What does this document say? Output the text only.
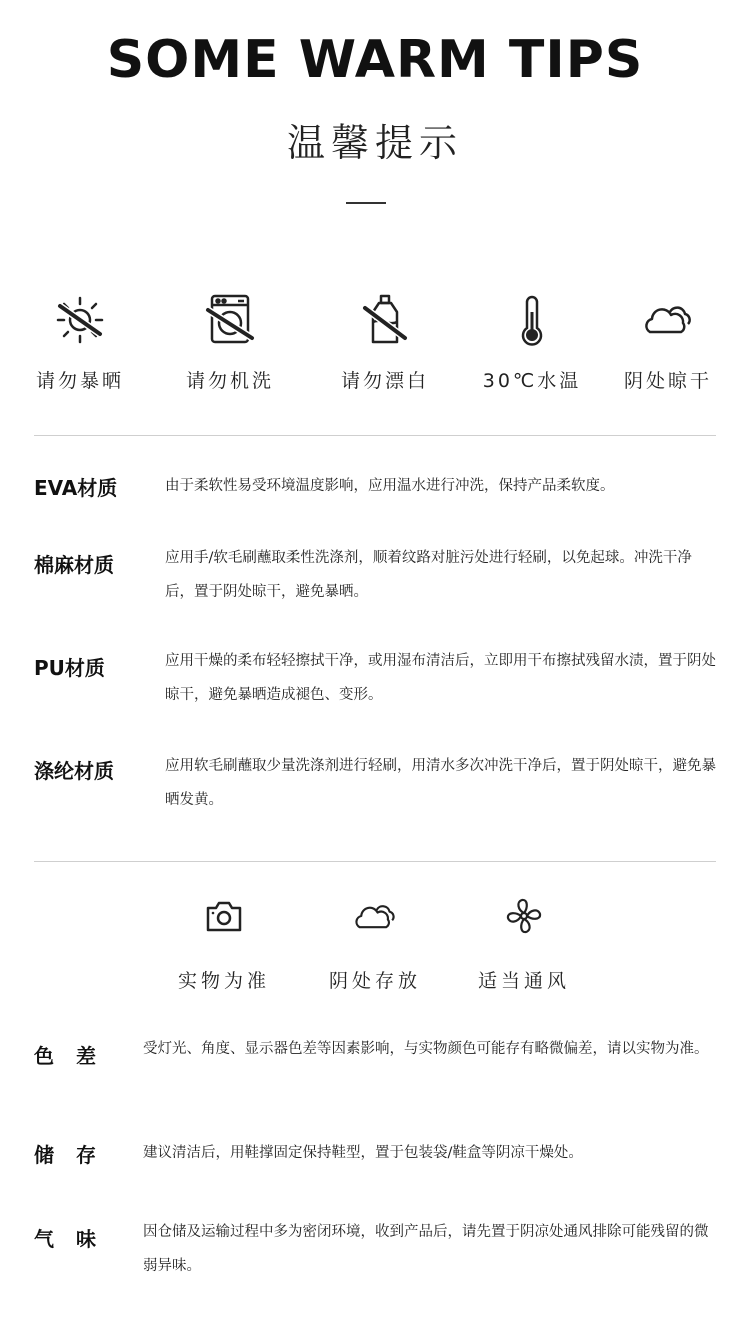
SOME WARM TIPS
温馨提示
请勿暴晒	请勿机洗	请勿漂白	30℃水温	阴处晾干
EVA材质	由于柔软性易受环境温度影响，应用温水进行冲洗，保持产品柔软度。
棉麻材质	应用手/软毛刷蘸取柔性洗涤剂，顺着纹路对脏污处进行轻刷，以免起球。冲洗干净后，置于阴处晾干，避免暴晒。
PU材质	应用干燥的柔布轻轻擦拭干净，或用湿布清洁后，立即用干布擦拭残留水渍，置于阴处晾干，避免暴晒造成褪色、变形。
涤纶材质	应用软毛刷蘸取少量洗涤剂进行轻刷，用清水多次冲洗干净后，置于阴处晾干，避免暴晒发黄。
实物为准	阴处存放	适当通风
色差 受灯光、角度、显示器色差等因素影响，与实物颜色可能存有略微偏差，请以实物为准。
储存 建议清洁后，用鞋撑固定保持鞋型，置于包装袋/鞋盒等阴凉干燥处。
气味 因仓储及运输过程中多为密闭环境，收到产品后，请先置于阴凉处通风排除可能残留的微弱异味。
